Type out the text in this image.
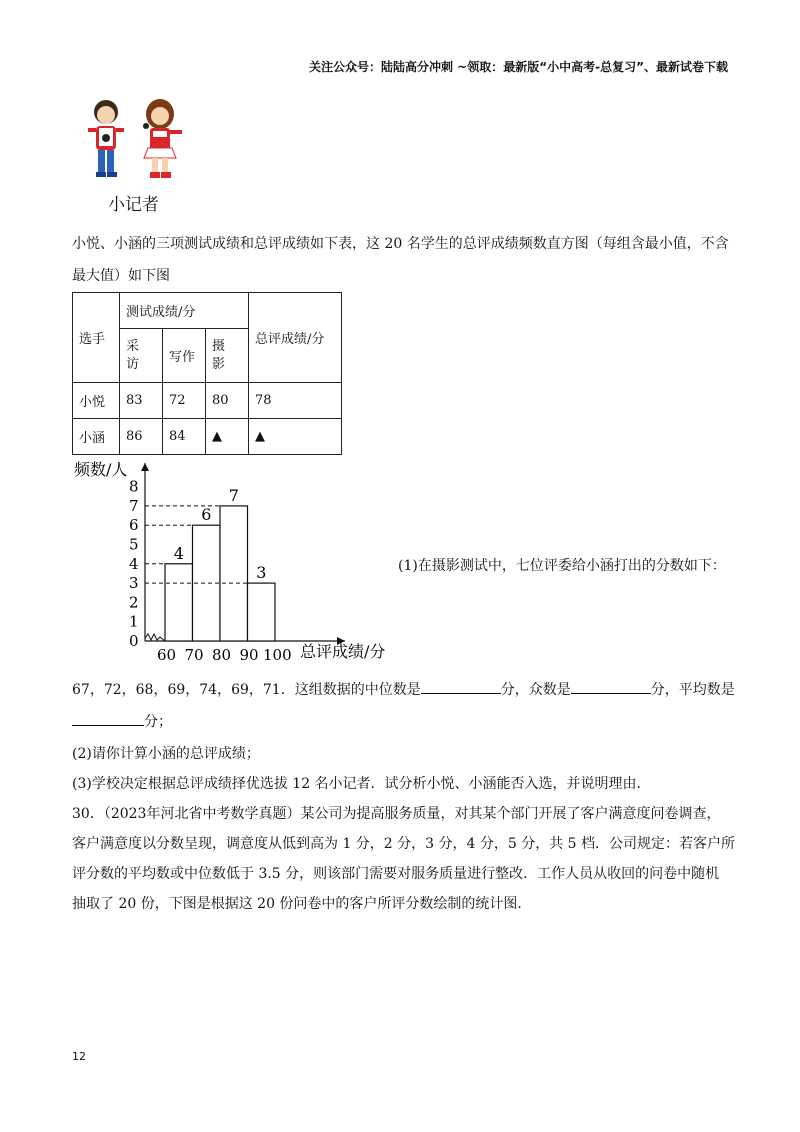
关注公众号：陆陆高分冲刺 ~领取：最新版“小中高考-总复习”、最新试卷下载
小记者
小悦、小涵的三项测试成绩和总评成绩如下表，这 20 名学生的总评成绩频数直方图（每组含最小值，不含
最大值）如下图
选手	测试成绩/分			总评成绩/分
	采访	写作	摄影	
小悦	83	72	80	78
小涵	86	84	▲	▲
频数/人
总评成绩/分
0
1
2
3
4
5
6
7
8
60 70 80 90 100
4
6
7
3	(1)在摄影测试中，七位评委给小涵打出的分数如下：
67，72，68，69，74，69，71．这组数据的中位数是	分，众数是	分，平均数是
分；
(2)请你计算小涵的总评成绩；
(3)学校决定根据总评成绩择优选拔 12 名小记者．试分析小悦、小涵能否入选，并说明理由．
30．（2023年河北省中考数学真题）某公司为提高服务质量，对其某个部门开展了客户满意度问卷调查，
客户满意度以分数呈现，调意度从低到高为 1 分，2 分，3 分，4 分，5 分，共 5 档．公司规定：若客户所
评分数的平均数或中位数低于 3.5 分，则该部门需要对服务质量进行整改．工作人员从收回的问卷中随机
抽取了 20 份，下图是根据这 20 份问卷中的客户所评分数绘制的统计图．
12
